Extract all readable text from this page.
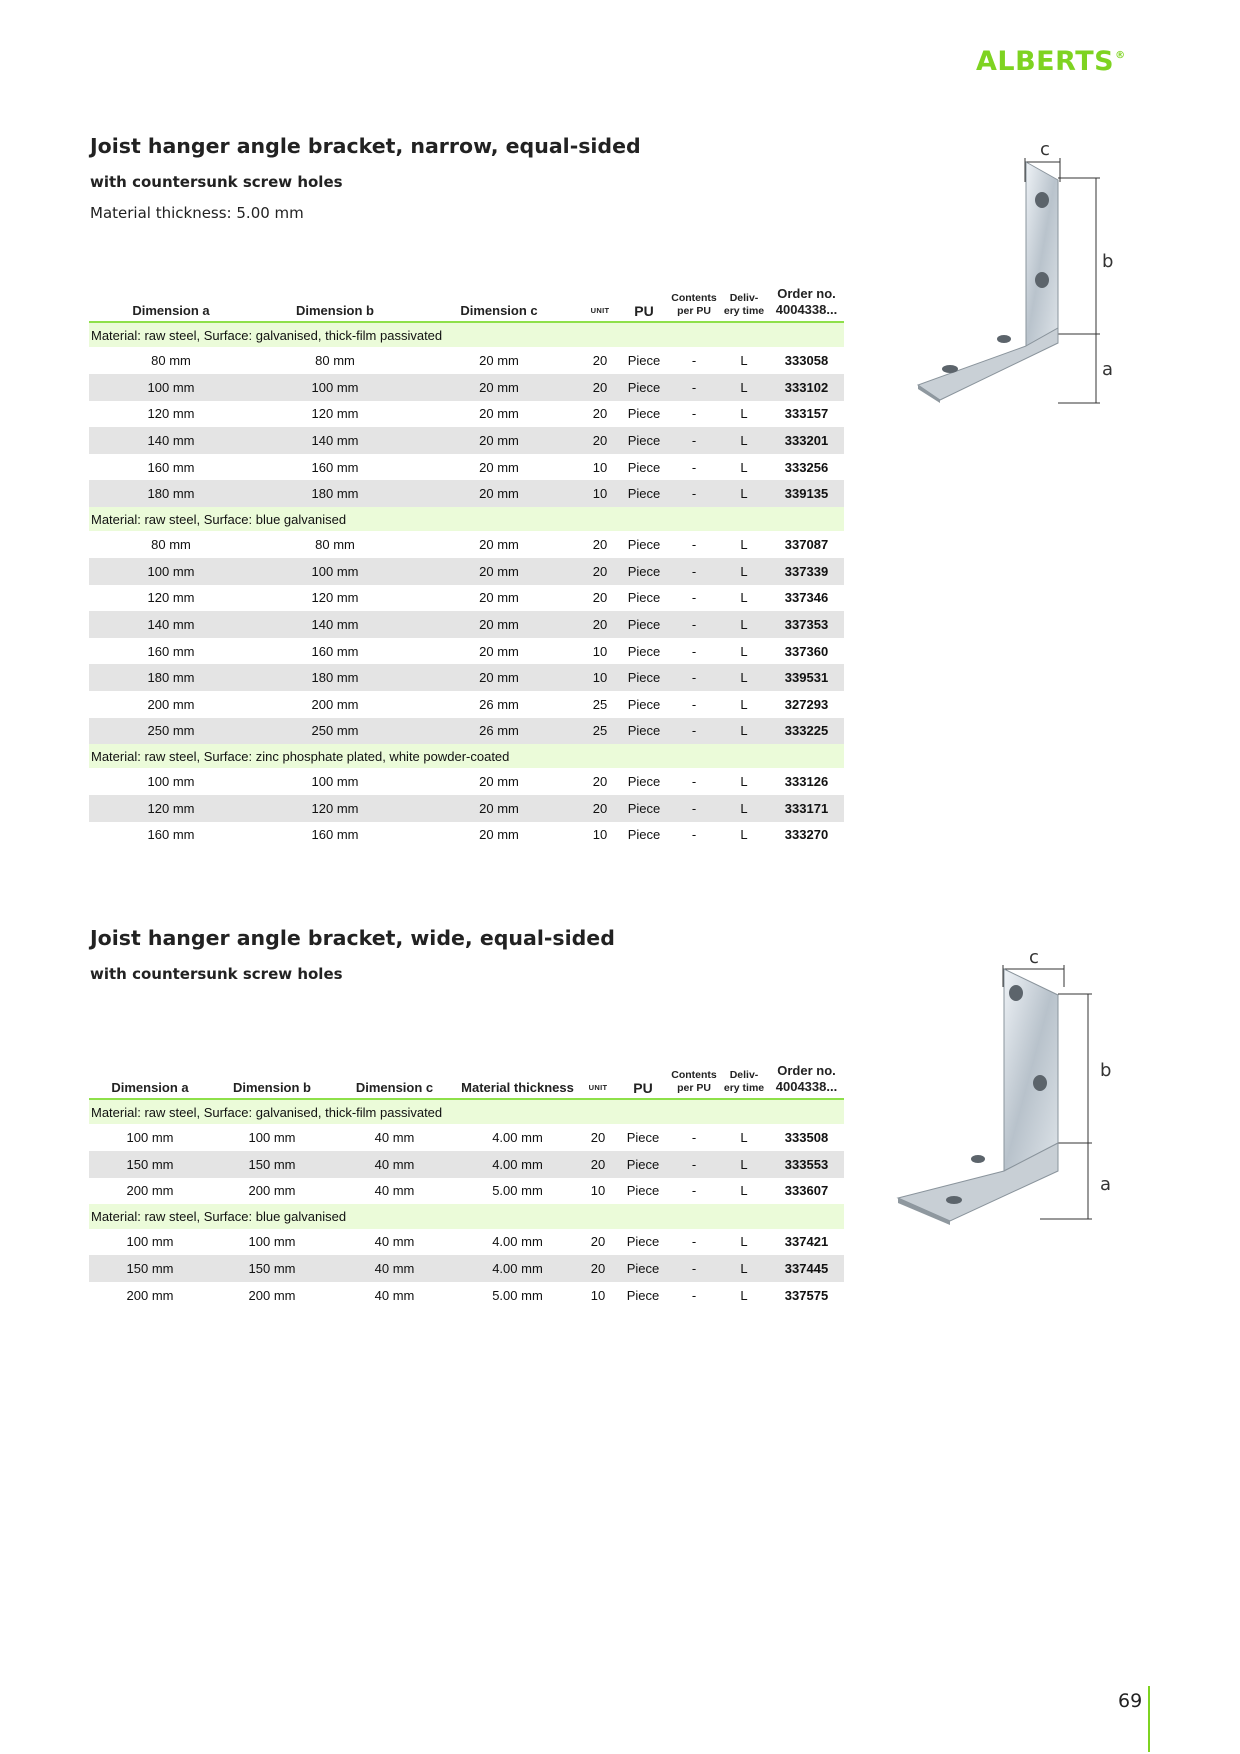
ALBERTS®
Joist hanger angle bracket, narrow, equal-sided

with countersunk screw holes

Material thickness: 5.00 mm

Dimension a	Dimension b	Dimension c	UNIT	PU	Contents
per PU	Deliv-
ery time	Order no.
4004338...

Material: raw steel, Surface: galvanised, thick-film passivated							
80 mm	80 mm	20 mm	20	Piece	-	L	333058
100 mm	100 mm	20 mm	20	Piece	-	L	333102
120 mm	120 mm	20 mm	20	Piece	-	L	333157
140 mm	140 mm	20 mm	20	Piece	-	L	333201
160 mm	160 mm	20 mm	10	Piece	-	L	333256
180 mm	180 mm	20 mm	10	Piece	-	L	339135
Material: raw steel, Surface: blue galvanised							
80 mm	80 mm	20 mm	20	Piece	-	L	337087
100 mm	100 mm	20 mm	20	Piece	-	L	337339
120 mm	120 mm	20 mm	20	Piece	-	L	337346
140 mm	140 mm	20 mm	20	Piece	-	L	337353
160 mm	160 mm	20 mm	10	Piece	-	L	337360
180 mm	180 mm	20 mm	10	Piece	-	L	339531
200 mm	200 mm	26 mm	25	Piece	-	L	327293
250 mm	250 mm	26 mm	25	Piece	-	L	333225
Material: raw steel, Surface: zinc phosphate plated, white powder-coated							
100 mm	100 mm	20 mm	20	Piece	-	L	333126
120 mm	120 mm	20 mm	20	Piece	-	L	333171
160 mm	160 mm	20 mm	10	Piece	-	L	333270
c
b
a
Joist hanger angle bracket, wide, equal-sided

with countersunk screw holes

Dimension a	Dimension b	Dimension c	Material thickness	UNIT	PU	Contents
per PU	Deliv-
ery time	Order no.
4004338...

Material: raw steel, Surface: galvanised, thick-film passivated								
100 mm	100 mm	40 mm	4.00 mm	20	Piece	-	L	333508
150 mm	150 mm	40 mm	4.00 mm	20	Piece	-	L	333553
200 mm	200 mm	40 mm	5.00 mm	10	Piece	-	L	333607
Material: raw steel, Surface: blue galvanised								
100 mm	100 mm	40 mm	4.00 mm	20	Piece	-	L	337421
150 mm	150 mm	40 mm	4.00 mm	20	Piece	-	L	337445
200 mm	200 mm	40 mm	5.00 mm	10	Piece	-	L	337575
c
b
a
69
